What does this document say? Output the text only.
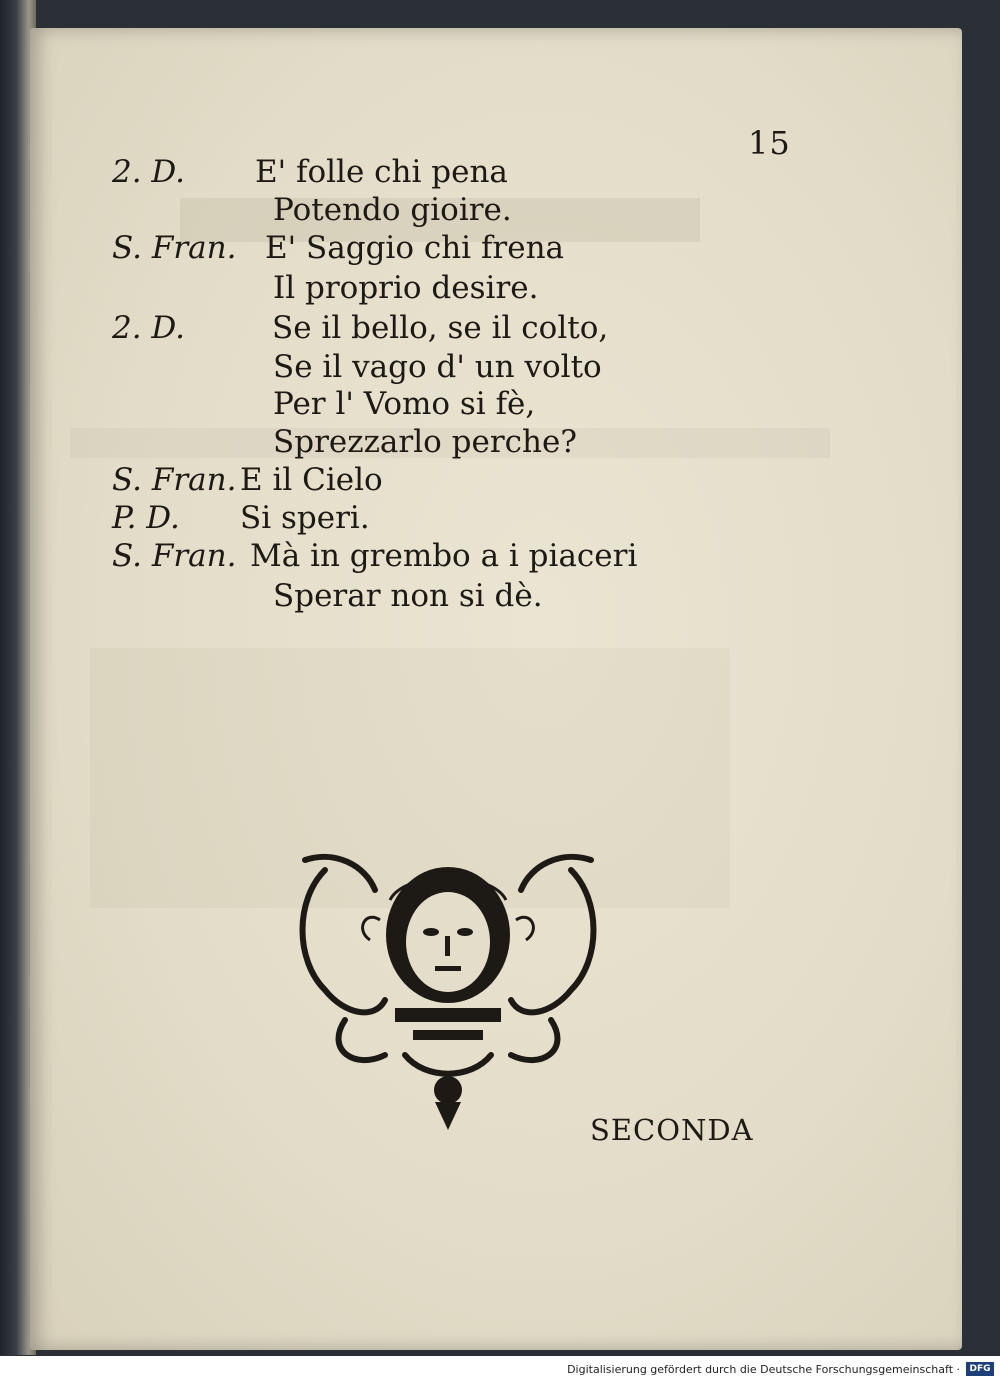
15
2. D. E' folle chi pena
Potendo gioire.
S. Fran. E' Saggio chi frena
Il proprio desire.
2. D.	Se il bello, se il colto,
Se il vago d' un volto
Per l' Vomo si fè,
Sprezzarlo perche?
S. Fran. E il Cielo
P. D. Si speri.
S. Fran. Mà in grembo a i piaceri
Sperar non si dè.
SECONDA
Digitalisierung gefördert durch die Deutsche Forschungsgemeinschaft ·	DFG
